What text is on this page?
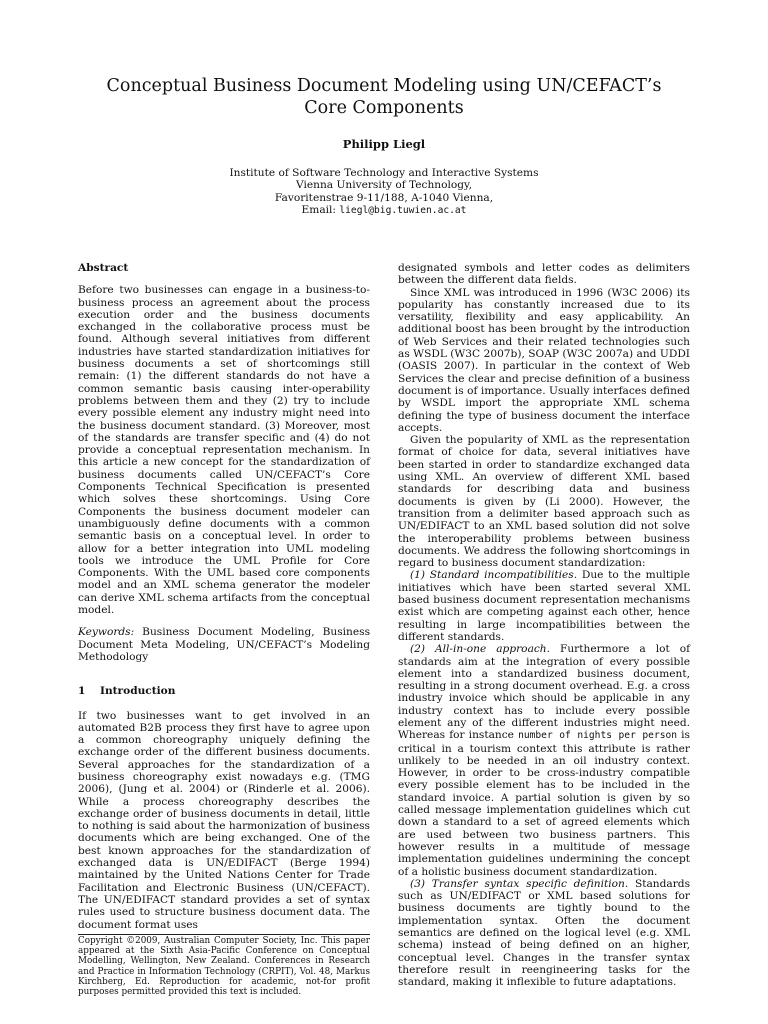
Conceptual Business Document Modeling using UN/CEFACT’s
Core Components
Philipp Liegl
Institute of Software Technology and Interactive Systems
Vienna University of Technology,
Favoritenstrae 9-11/188, A-1040 Vienna,
Email: liegl@big.tuwien.ac.at

Abstract

Before two businesses can engage in a business-to-business process an agreement about the process execution order and the business documents exchanged in the collaborative process must be found. Although several initiatives from different industries have started standardization initiatives for business documents a set of shortcomings still remain: (1) the different standards do not have a common semantic basis causing inter-operability problems between them and they (2) try to include every possible element any industry might need into the business document standard. (3) Moreover, most of the standards are transfer specific and (4) do not provide a conceptual representation mechanism. In this article a new concept for the standardization of business documents called UN/CEFACT’s Core Components Technical Specification is presented which solves these shortcomings. Using Core Components the business document modeler can unambiguously define documents with a common semantic basis on a conceptual level. In order to allow for a better integration into UML modeling tools we introduce the UML Profile for Core Components. With the UML based core components model and an XML schema generator the modeler can derive XML schema artifacts from the conceptual model.

Keywords: Business Document Modeling, Business Document Meta Modeling, UN/CEFACT’s Modeling Methodology

1 Introduction

If two businesses want to get involved in an automated B2B process they first have to agree upon a common choreography uniquely defining the exchange order of the different business documents. Several approaches for the standardization of a business choreography exist nowadays e.g. (TMG 2006), (Jung et al. 2004) or (Rinderle et al. 2006). While a process choreography describes the exchange order of business documents in detail, little to nothing is said about the harmonization of business documents which are being exchanged. One of the best known approaches for the standardization of exchanged data is UN/EDIFACT (Berge 1994) maintained by the United Nations Center for Trade Facilitation and Electronic Business (UN/CEFACT). The UN/EDIFACT standard provides a set of syntax rules used to structure business document data. The document format uses

designated symbols and letter codes as delimiters between the different data fields.

Since XML was introduced in 1996 (W3C 2006) its popularity has constantly increased due to its versatility, flexibility and easy applicability. An additional boost has been brought by the introduction of Web Services and their related technologies such as WSDL (W3C 2007b), SOAP (W3C 2007a) and UDDI (OASIS 2007). In particular in the context of Web Services the clear and precise definition of a business document is of importance. Usually interfaces defined by WSDL import the appropriate XML schema defining the type of business document the interface accepts.

Given the popularity of XML as the representation format of choice for data, several initiatives have been started in order to standardize exchanged data using XML. An overview of different XML based standards for describing data and business documents is given by (Li 2000). However, the transition from a delimiter based approach such as UN/EDIFACT to an XML based solution did not solve the interoperability problems between business documents. We address the following shortcomings in regard to business document standardization:

(1) Standard incompatibilities. Due to the multiple initiatives which have been started several XML based business document representation mechanisms exist which are competing against each other, hence resulting in large incompatibilities between the different standards.

(2) All-in-one approach. Furthermore a lot of standards aim at the integration of every possible element into a standardized business document, resulting in a strong document overhead. E.g. a cross industry invoice which should be applicable in any industry context has to include every possible element any of the different industries might need. Whereas for instance number of nights per person is critical in a tourism context this attribute is rather unlikely to be needed in an oil industry context. However, in order to be cross-industry compatible every possible element has to be included in the standard invoice. A partial solution is given by so called message implementation guidelines which cut down a standard to a set of agreed elements which are used between two business partners. This however results in a multitude of message implementation guidelines undermining the concept of a holistic business document standardization.

(3) Transfer syntax specific definition. Standards such as UN/EDIFACT or XML based solutions for business documents are tightly bound to the implementation syntax. Often the document semantics are defined on the logical level (e.g. XML schema) instead of being defined on an higher, conceptual level. Changes in the transfer syntax therefore result in reengineering tasks for the standard, making it inflexible to future adaptations.

Copyright ©2009, Australian Computer Society, Inc. This paper appeared at the Sixth Asia-Pacific Conference on Conceptual Modelling, Wellington, New Zealand. Conferences in Research and Practice in Information Technology (CRPIT), Vol. 48, Markus Kirchberg, Ed. Reproduction for academic, not-for profit purposes permitted provided this text is included.
